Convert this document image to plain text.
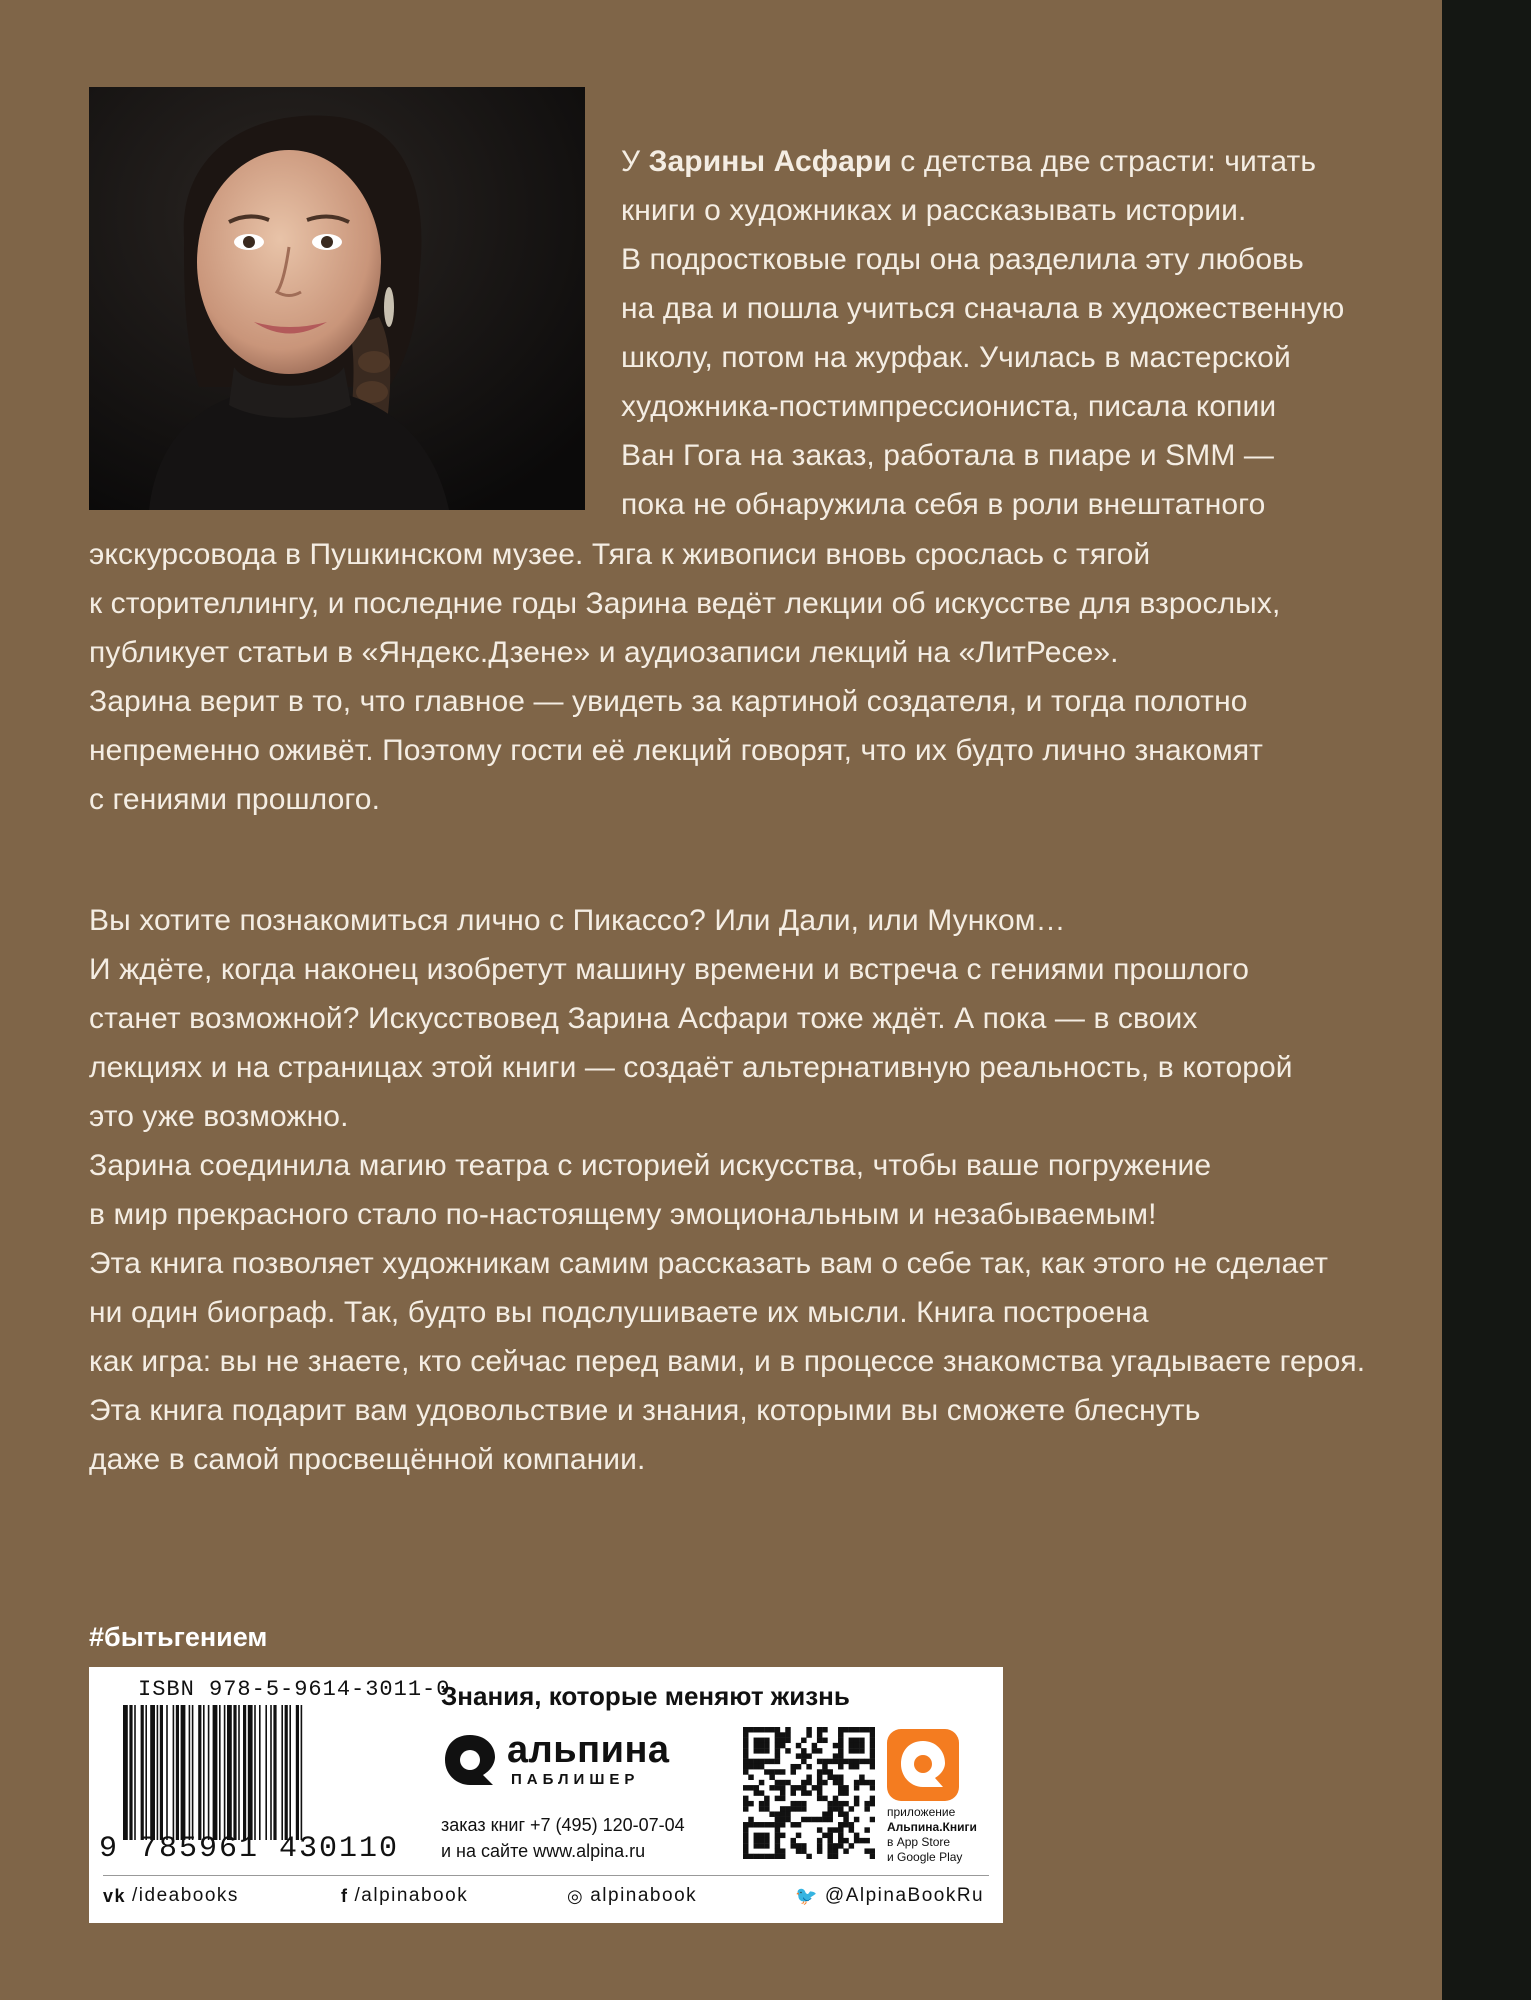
У Зарины Асфари с детства две страсти: читать
книги о художниках и рассказывать истории.
В подростковые годы она разделила эту любовь
на два и пошла учиться сначала в художественную
школу, потом на журфак. Училась в мастерской
художника-постимпрессиониста, писала копии
Ван Гога на заказ, работала в пиаре и SMM —
пока не обнаружила себя в роли внештатного
экскурсовода в Пушкинском музее. Тяга к живописи вновь срослась с тягой
к сторителлингу, и последние годы Зарина ведёт лекции об искусстве для взрослых,
публикует статьи в «Яндекс.Дзене» и аудиозаписи лекций на «ЛитРесе».
Зарина верит в то, что главное — увидеть за картиной создателя, и тогда полотно
непременно оживёт. Поэтому гости её лекций говорят, что их будто лично знакомят
с гениями прошлого.
Вы хотите познакомиться лично с Пикассо? Или Дали, или Мунком…
И ждёте, когда наконец изобретут машину времени и встреча с гениями прошлого
станет возможной? Искусствовед Зарина Асфари тоже ждёт. А пока — в своих
лекциях и на страницах этой книги — создаёт альтернативную реальность, в которой
это уже возможно.
Зарина соединила магию театра с историей искусства, чтобы ваше погружение
в мир прекрасного стало по-настоящему эмоциональным и незабываемым!
Эта книга позволяет художникам самим рассказать вам о себе так, как этого не сделает
ни один биограф. Так, будто вы подслушиваете их мысли. Книга построена
как игра: вы не знаете, кто сейчас перед вами, и в процессе знакомства угадываете героя.
Эта книга подарит вам удовольствие и знания, которыми вы сможете блеснуть
даже в самой просвещённой компании.
#бытьгением
ISBN 978-5-9614-3011-0
9 785961 430110
Знания, которые меняют жизнь
альпина
ПАБЛИШЕР
заказ книг +7 (495) 120-07-04
и на сайте www.alpina.ru
приложение
Альпина.Книги
в App Store
и Google Play
vk /ideabooks	f /alpinabook	◎ alpinabook	🐦 @AlpinaBookRu
